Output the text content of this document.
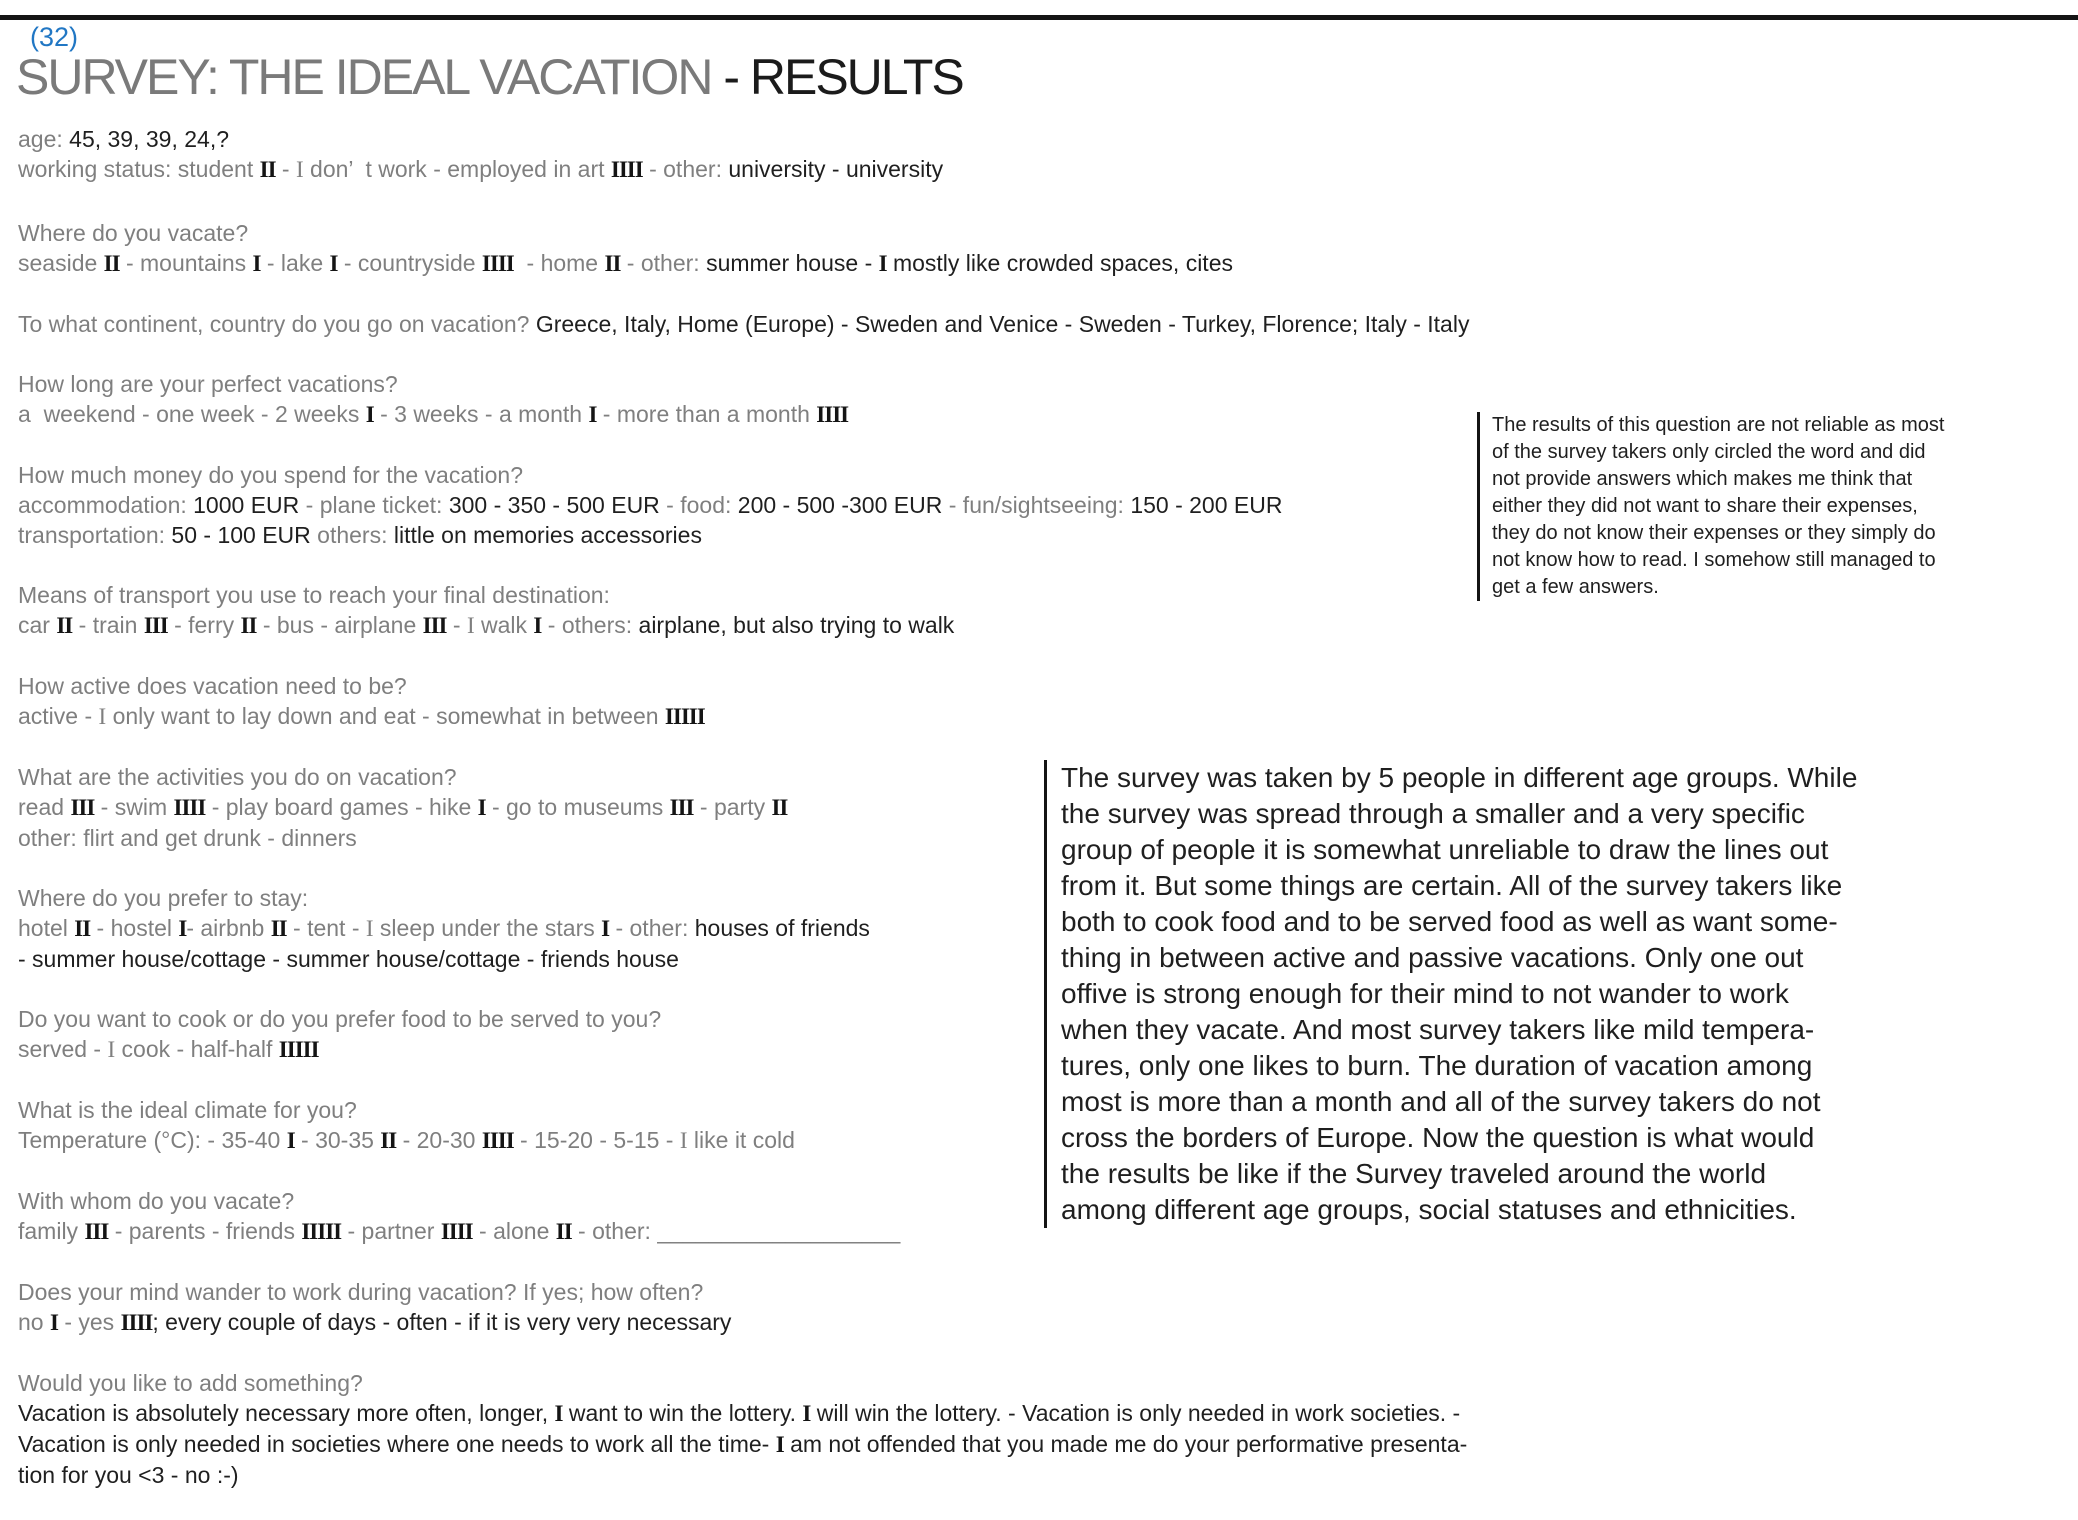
(32)
SURVEY: THE IDEAL VACATION - RESULTS
age: 45, 39, 39, 24,?
working status: student II - I don’  t work - employed in art IIII - other: university - university
Where do you vacate?
seaside II - mountains I - lake I - countryside IIII  - home II - other: summer house - I mostly like crowded spaces, cites
To what continent, country do you go on vacation? Greece, Italy, Home (Europe) - Sweden and Venice - Sweden - Turkey, Florence; Italy - Italy
How long are your perfect vacations?
a  weekend - one week - 2 weeks I - 3 weeks - a month I - more than a month IIII
How much money do you spend for the vacation?
accommodation: 1000 EUR - plane ticket: 300 - 350 - 500 EUR - food: 200 - 500 -300 EUR - fun/sightseeing: 150 - 200 EUR
transportation: 50 - 100 EUR others: little on memories accessories
Means of transport you use to reach your final destination:
car II - train III - ferry II - bus - airplane III - I walk I - others: airplane, but also trying to walk
How active does vacation need to be?
active - I only want to lay down and eat - somewhat in between IIIII
What are the activities you do on vacation?
read III - swim IIII - play board games - hike I - go to museums III - party II
other: flirt and get drunk - dinners
Where do you prefer to stay:
hotel II - hostel I- airbnb II - tent - I sleep under the stars I - other: houses of friends
- summer house/cottage - summer house/cottage - friends house
Do you want to cook or do you prefer food to be served to you?
served - I cook - half-half IIIII
What is the ideal climate for you?
Temperature (°C): - 35-40 I - 30-35 II - 20-30 IIII - 15-20 - 5-15 - I like it cold
With whom do you vacate?
family III - parents - friends IIIII - partner IIII - alone II - other: ___________________
Does your mind wander to work during vacation? If yes; how often?
no I - yes IIII; every couple of days - often - if it is very very necessary
Would you like to add something?
Vacation is absolutely necessary more often, longer, I want to win the lottery. I will win the lottery. - Vacation is only needed in work societies. -
Vacation is only needed in societies where one needs to work all the time- I am not offended that you made me do your performative presenta-
tion for you <3 - no :-)
The results of this question are not reliable as most
of the survey takers only circled the word and did
not provide answers which makes me think that
either they did not want to share their expenses,
they do not know their expenses or they simply do
not know how to read. I somehow still managed to
get a few answers.
The survey was taken by 5 people in different age groups. While
the survey was spread through a smaller and a very specific
group of people it is somewhat unreliable to draw the lines out
from it. But some things are certain. All of the survey takers like
both to cook food and to be served food as well as want some-
thing in between active and passive vacations. Only one out
offive is strong enough for their mind to not wander to work
when they vacate. And most survey takers like mild tempera-
tures, only one likes to burn. The duration of vacation among
most is more than a month and all of the survey takers do not
cross the borders of Europe. Now the question is what would
the results be like if the Survey traveled around the world
among different age groups, social statuses and ethnicities.
